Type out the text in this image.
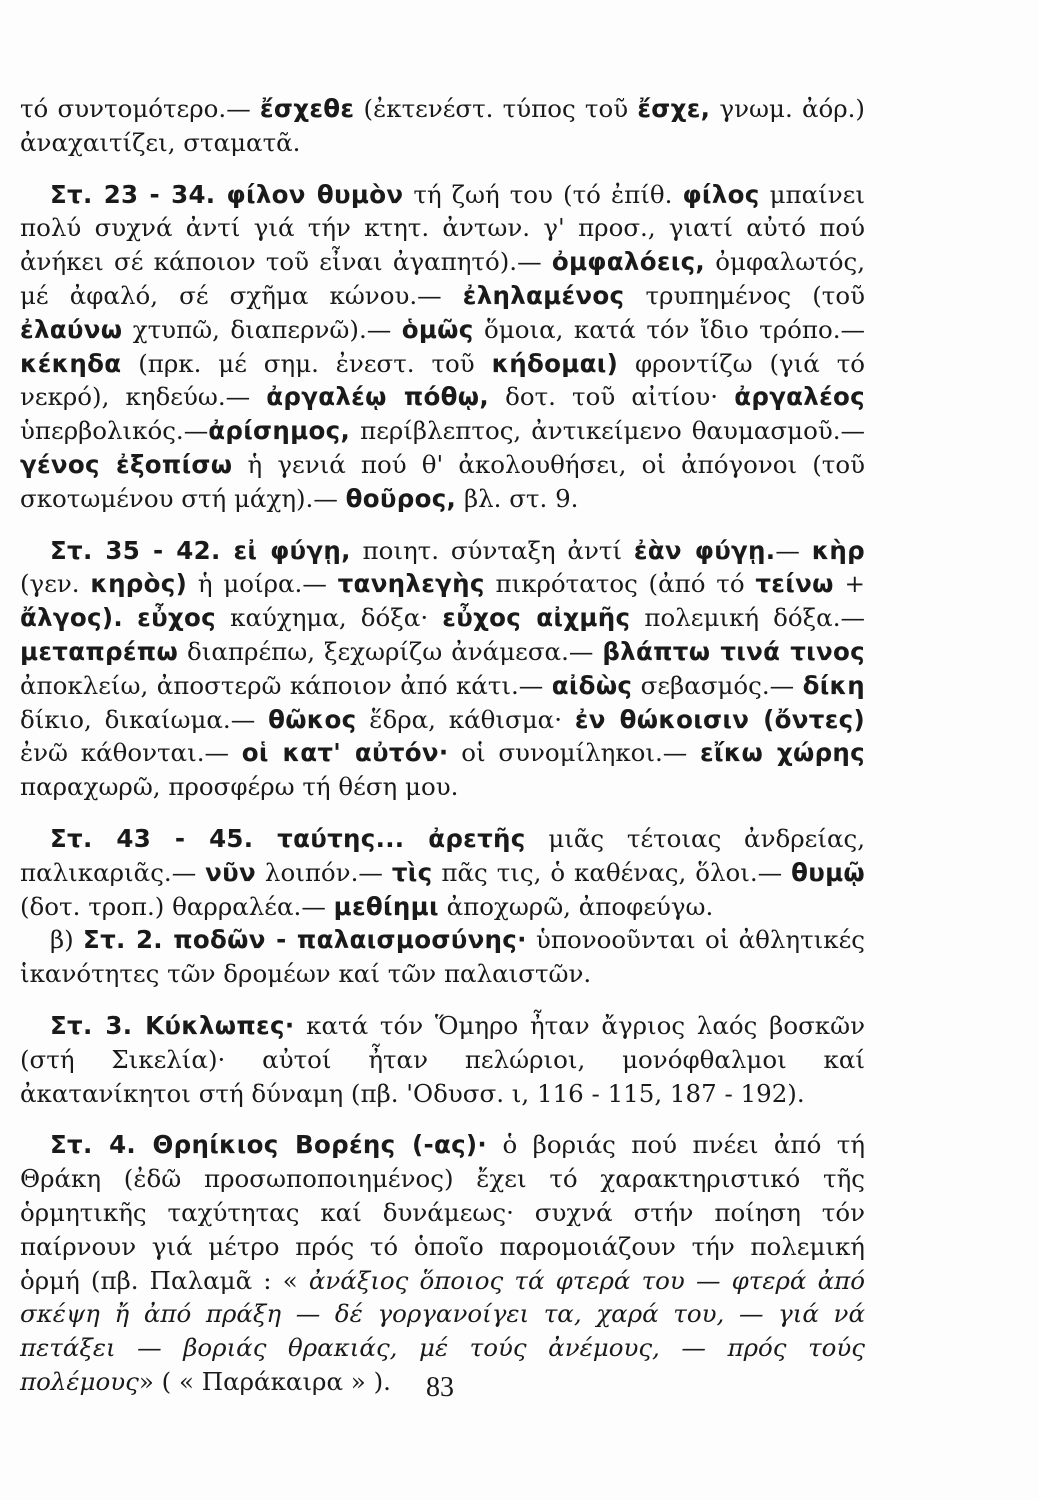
τό συντομότερο.— ἔσχεθε (ἐκτενέστ. τύπος τοῦ ἔσχε, γνωμ. ἀόρ.) ἀναχαιτίζει, σταματᾶ.

Στ. 23 - 34. φίλον θυμὸν τή ζωή του (τό ἐπίθ. φίλος μπαίνει πολύ συχνά ἀντί γιά τήν κτητ. ἀντων. γ' προσ., γιατί αὐτό πού ἀνήκει σέ κάποιον τοῦ εἶναι ἀγαπητό).— ὀμφαλόεις, ὀμφαλωτός, μέ ἀφαλό, σέ σχῆμα κώνου.— ἐληλαμένος τρυπημένος (τοῦ ἐλαύνω χτυπῶ, διαπερνῶ).— ὁμῶς ὅμοια, κατά τόν ἴδιο τρόπο.— κέκηδα (πρκ. μέ σημ. ἐνεστ. τοῦ κήδομαι) φροντίζω (γιά τό νεκρό), κηδεύω.— ἀργαλέῳ πόθῳ, δοτ. τοῦ αἰτίου· ἀργαλέος ὑπερβολικός.—ἀρίσημος, περίβλεπτος, ἀντικείμενο θαυμασμοῦ.— γένος ἐξοπίσω ἡ γενιά πού θ' ἀκολουθήσει, οἱ ἀπόγονοι (τοῦ σκοτωμένου στή μάχη).— θοῦρος, βλ. στ. 9.

Στ. 35 - 42. εἰ φύγῃ, ποιητ. σύνταξη ἀντί ἐὰν φύγῃ.— κὴρ (γεν. κηρὸς) ἡ μοίρα.— τανηλεγὴς πικρότατος (ἀπό τό τείνω + ἄλγος). εὖχος καύχημα, δόξα· εὖχος αἰχμῆς πολεμική δόξα.— μεταπρέπω διαπρέπω, ξεχωρίζω ἀνάμεσα.— βλάπτω τινά τινος ἀποκλείω, ἀποστερῶ κάποιον ἀπό κάτι.— αἰδὼς σεβασμός.— δίκη δίκιο, δικαίωμα.— θῶκος ἕδρα, κάθισμα· ἐν θώκοισιν (ὄντες) ἐνῶ κάθονται.— οἱ κατ' αὐτόν· οἱ συνομίληκοι.— εἴκω χώρης παραχωρῶ, προσφέρω τή θέση μου.

Στ. 43 - 45. ταύτης... ἀρετῆς μιᾶς τέτοιας ἀνδρείας, παλικαριᾶς.— νῦν λοιπόν.— τὶς πᾶς τις, ὁ καθένας, ὅλοι.— θυμῷ (δοτ. τροπ.) θαρραλέα.— μεθίημι ἀποχωρῶ, ἀποφεύγω.

β) Στ. 2. ποδῶν - παλαισμοσύνης· ὑπονοοῦνται οἱ ἀθλητικές ἱκανότητες τῶν δρομέων καί τῶν παλαιστῶν.

Στ. 3. Κύκλωπες· κατά τόν Ὅμηρο ἦταν ἄγριος λαός βοσκῶν (στή Σικελία)· αὐτοί ἦταν πελώριοι, μονόφθαλμοι καί ἀκατανίκητοι στή δύναμη (πβ. 'Οδυσσ. ι, 116 - 115, 187 - 192).

Στ. 4. Θρηίκιος Βορέης (-ας)· ὁ βοριάς πού πνέει ἀπό τή Θράκη (ἐδῶ προσωποποιημένος) ἔχει τό χαρακτηριστικό τῆς ὁρμητικῆς ταχύτητας καί δυνάμεως· συχνά στήν ποίηση τόν παίρνουν γιά μέτρο πρός τό ὁποῖο παρομοιάζουν τήν πολεμική ὁρμή (πβ. Παλαμᾶ : « ἀνάξιος ὅποιος τά φτερά του — φτερά ἀπό σκέψη ἤ ἀπό πράξη — δέ γοργανοίγει τα, χαρά του, — γιά νά πετάξει — βοριάς θρακιάς, μέ τούς ἀνέμους, — πρός τούς πολέμους» ( « Παράκαιρα » ).	83
